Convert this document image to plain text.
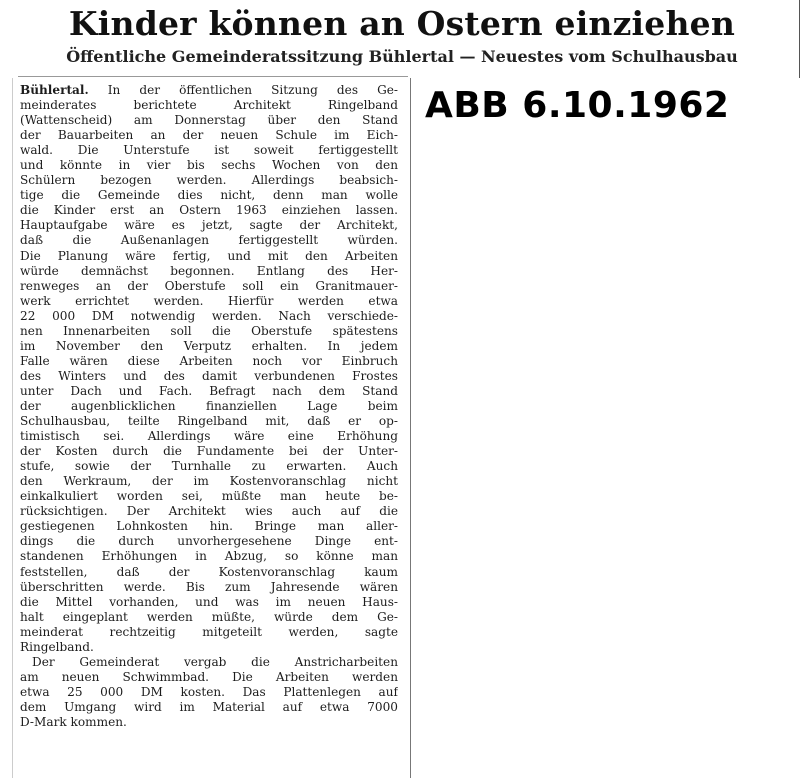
Kinder können an Ostern einziehen
Öffentliche Gemeinderatssitzung Bühlertal — Neuestes vom Schulhausbau
ABB 6.10.1962
Bühlertal. In der öffentlichen Sitzung des Ge-
meinderates berichtete Architekt Ringelband
(Wattenscheid) am Donnerstag über den Stand
der Bauarbeiten an der neuen Schule im Eich-
wald. Die Unterstufe ist soweit fertiggestellt
und könnte in vier bis sechs Wochen von den
Schülern bezogen werden. Allerdings beabsich-
tige die Gemeinde dies nicht, denn man wolle
die Kinder erst an Ostern 1963 einziehen lassen.
Hauptaufgabe wäre es jetzt, sagte der Architekt,
daß die Außenanlagen fertiggestellt würden.
Die Planung wäre fertig, und mit den Arbeiten
würde demnächst begonnen. Entlang des Her-
renweges an der Oberstufe soll ein Granitmauer-
werk errichtet werden. Hierfür werden etwa
22 000 DM notwendig werden. Nach verschiede-
nen Innenarbeiten soll die Oberstufe spätestens
im November den Verputz erhalten. In jedem
Falle wären diese Arbeiten noch vor Einbruch
des Winters und des damit verbundenen Frostes
unter Dach und Fach. Befragt nach dem Stand
der augenblicklichen finanziellen Lage beim
Schulhausbau, teilte Ringelband mit, daß er op-
timistisch sei. Allerdings wäre eine Erhöhung
der Kosten durch die Fundamente bei der Unter-
stufe, sowie der Turnhalle zu erwarten. Auch
den Werkraum, der im Kostenvoranschlag nicht
einkalkuliert worden sei, müßte man heute be-
rücksichtigen. Der Architekt wies auch auf die
gestiegenen Lohnkosten hin. Bringe man aller-
dings die durch unvorhergesehene Dinge ent-
standenen Erhöhungen in Abzug, so könne man
feststellen, daß der Kostenvoranschlag kaum
überschritten werde. Bis zum Jahresende wären
die Mittel vorhanden, und was im neuen Haus-
halt eingeplant werden müßte, würde dem Ge-
meinderat rechtzeitig mitgeteilt werden, sagte
Ringelband.
Der Gemeinderat vergab die Anstricharbeiten
am neuen Schwimmbad. Die Arbeiten werden
etwa 25 000 DM kosten. Das Plattenlegen auf
dem Umgang wird im Material auf etwa 7000
D-Mark kommen.
